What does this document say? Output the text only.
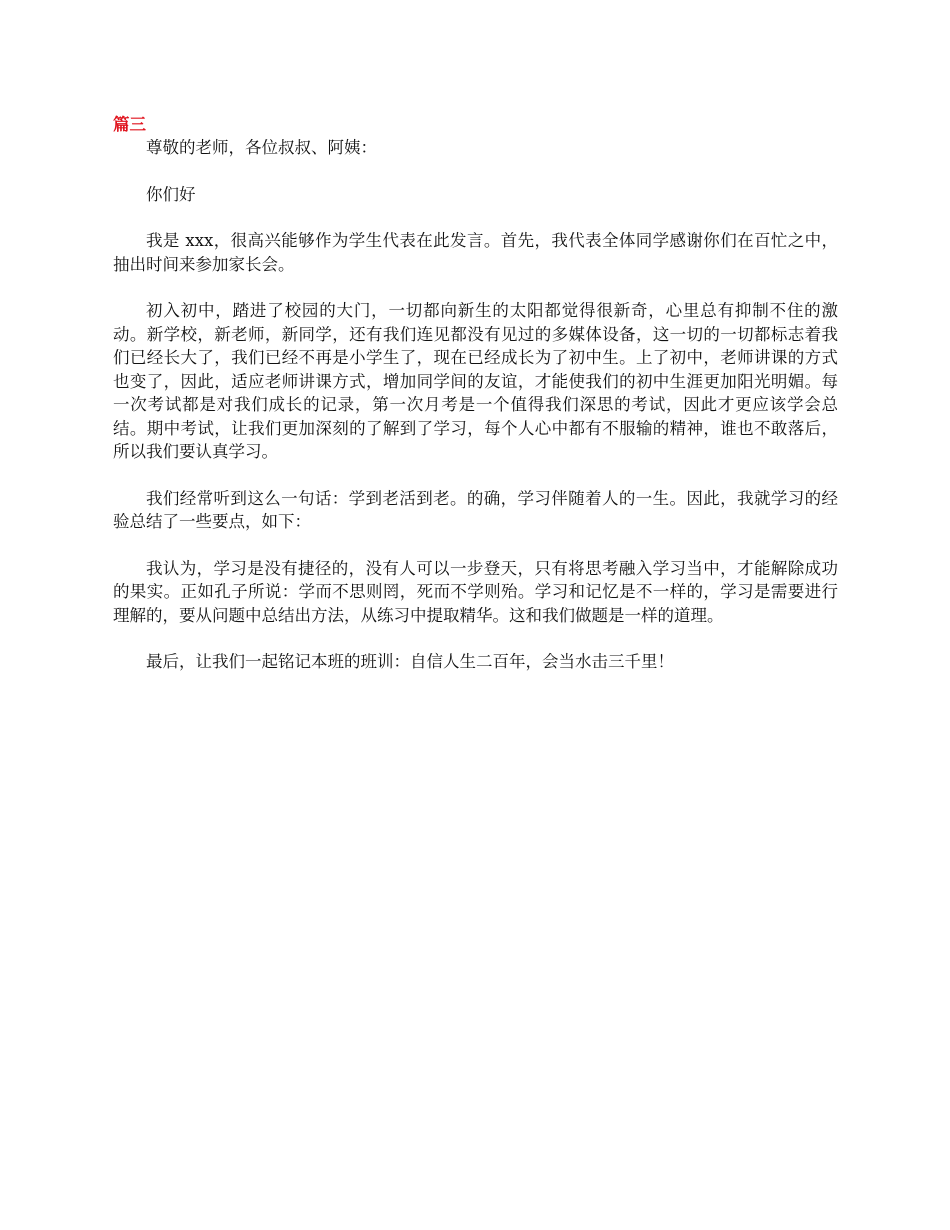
篇三

尊敬的老师，各位叔叔、阿姨：

你们好

我是 xxx，很高兴能够作为学生代表在此发言。首先，我代表全体同学感谢你们在百忙之中，抽出时间来参加家长会。

初入初中，踏进了校园的大门，一切都向新生的太阳都觉得很新奇，心里总有抑制不住的激动。新学校，新老师，新同学，还有我们连见都没有见过的多媒体设备，这一切的一切都标志着我们已经长大了，我们已经不再是小学生了，现在已经成长为了初中生。上了初中，老师讲课的方式也变了，因此，适应老师讲课方式，增加同学间的友谊，才能使我们的初中生涯更加阳光明媚。每一次考试都是对我们成长的记录，第一次月考是一个值得我们深思的考试，因此才更应该学会总结。期中考试，让我们更加深刻的了解到了学习，每个人心中都有不服输的精神，谁也不敢落后，所以我们要认真学习。

我们经常听到这么一句话：学到老活到老。的确，学习伴随着人的一生。因此，我就学习的经验总结了一些要点，如下：

我认为，学习是没有捷径的，没有人可以一步登天，只有将思考融入学习当中，才能解除成功的果实。正如孔子所说：学而不思则罔，死而不学则殆。学习和记忆是不一样的，学习是需要进行理解的，要从问题中总结出方法，从练习中提取精华。这和我们做题是一样的道理。

最后，让我们一起铭记本班的班训：自信人生二百年，会当水击三千里！
